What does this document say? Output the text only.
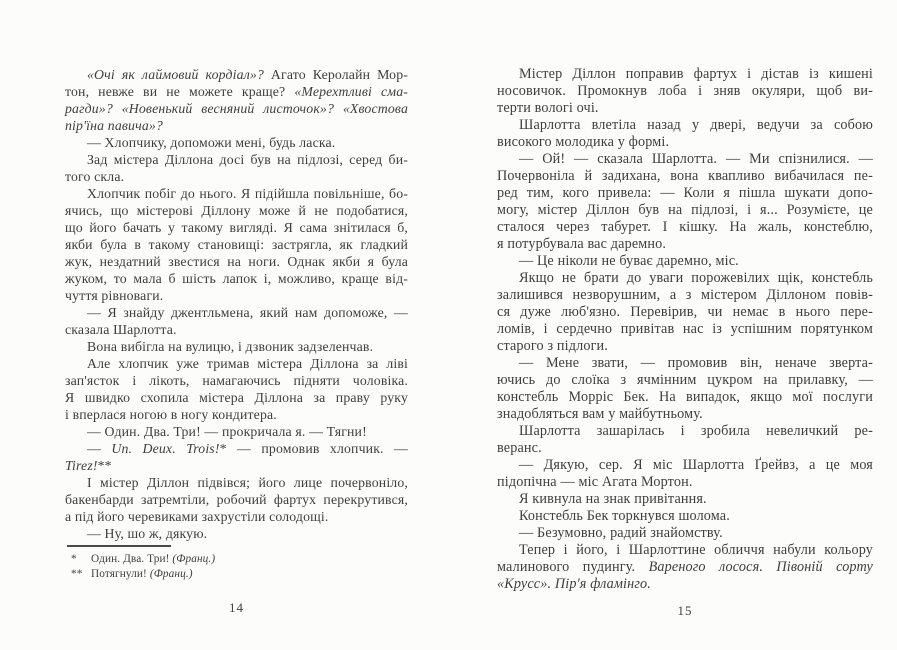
«Очі як лаймовий кордіал»? Агато Керолайн Мор-
тон, невже ви не можете краще? «Мерехтливі сма-
рагди»? «Новенький весняний листочок»? «Хвостова
пір'їна павича»?
— Хлопчику, допоможи мені, будь ласка.
Зад містера Діллона досі був на підлозі, серед би-
того скла.
Хлопчик побіг до нього. Я підійшла повільніше, бо-
ячись, що містерові Діллону може й не подобатися,
що його бачать у такому вигляді. Я сама знітилася б,
якби була в такому становищі: застрягла, як гладкий
жук, нездатний звестися на ноги. Однак якби я була
жуком, то мала б шість лапок і, можливо, краще від-
чуття рівноваги.
— Я знайду джентльмена, який нам допоможе, —
сказала Шарлотта.
Вона вибігла на вулицю, і дзвоник задзеленчав.
Але хлопчик уже тримав містера Діллона за ліві
зап'ясток і лікоть, намагаючись підняти чоловіка.
Я швидко схопила містера Діллона за праву руку
і вперлася ногою в ногу кондитера.
— Один. Два. Три! — прокричала я. — Тягни!
— Un. Deux. Trois!* — промовив хлопчик. —
Tirez!**
І містер Діллон підвівся; його лице почервоніло,
бакенбарди затремтіли, робочий фартух перекрутився,
а під його черевиками захрустіли солодощі.
— Ну, шо ж, дякую.
*	Один. Два. Три! (Франц.)
** Потягнули! (Франц.)
14
Містер Діллон поправив фартух і дістав із кишені
носовичок. Промокнув лоба і зняв окуляри, щоб ви-
терти вологі очі.
Шарлотта влетіла назад у двері, ведучи за собою
високого молодика у формі.
— Ой! — сказала Шарлотта. — Ми спізнилися. —
Почервоніла й задихана, вона квапливо вибачилася пе-
ред тим, кого привела: — Коли я пішла шукати допо-
могу, містер Діллон був на підлозі, і я... Розумієте, це
сталося через табурет. І кішку. На жаль, констеблю,
я потурбувала вас даремно.
— Це ніколи не буває даремно, міс.
Якщо не брати до уваги порожевілих щік, констебль
залишився незворушним, а з містером Діллоном повів-
ся дуже люб'язно. Перевірив, чи немає в нього пере-
ломів, і сердечно привітав нас із успішним порятунком
старого з підлоги.
— Мене звати, — промовив він, неначе зверта-
ючись до слоїка з ячмінним цукром на прилавку, —
констебль Морріс Бек. На випадок, якщо мої послуги
знадобляться вам у майбутньому.
Шарлотта зашарілась і зробила невеличкий ре-
веранс.
— Дякую, сер. Я міс Шарлотта Ґрейвз, а це моя
підопічна — міс Агата Мортон.
Я кивнула на знак привітання.
Констебль Бек торкнувся шолома.
— Безумовно, радий знайомству.
Тепер і його, і Шарлоттине обличчя набули кольору
малинового пудингу. Вареного лосося. Півоній сорту
«Крусс». Пір'я фламінго.
15
